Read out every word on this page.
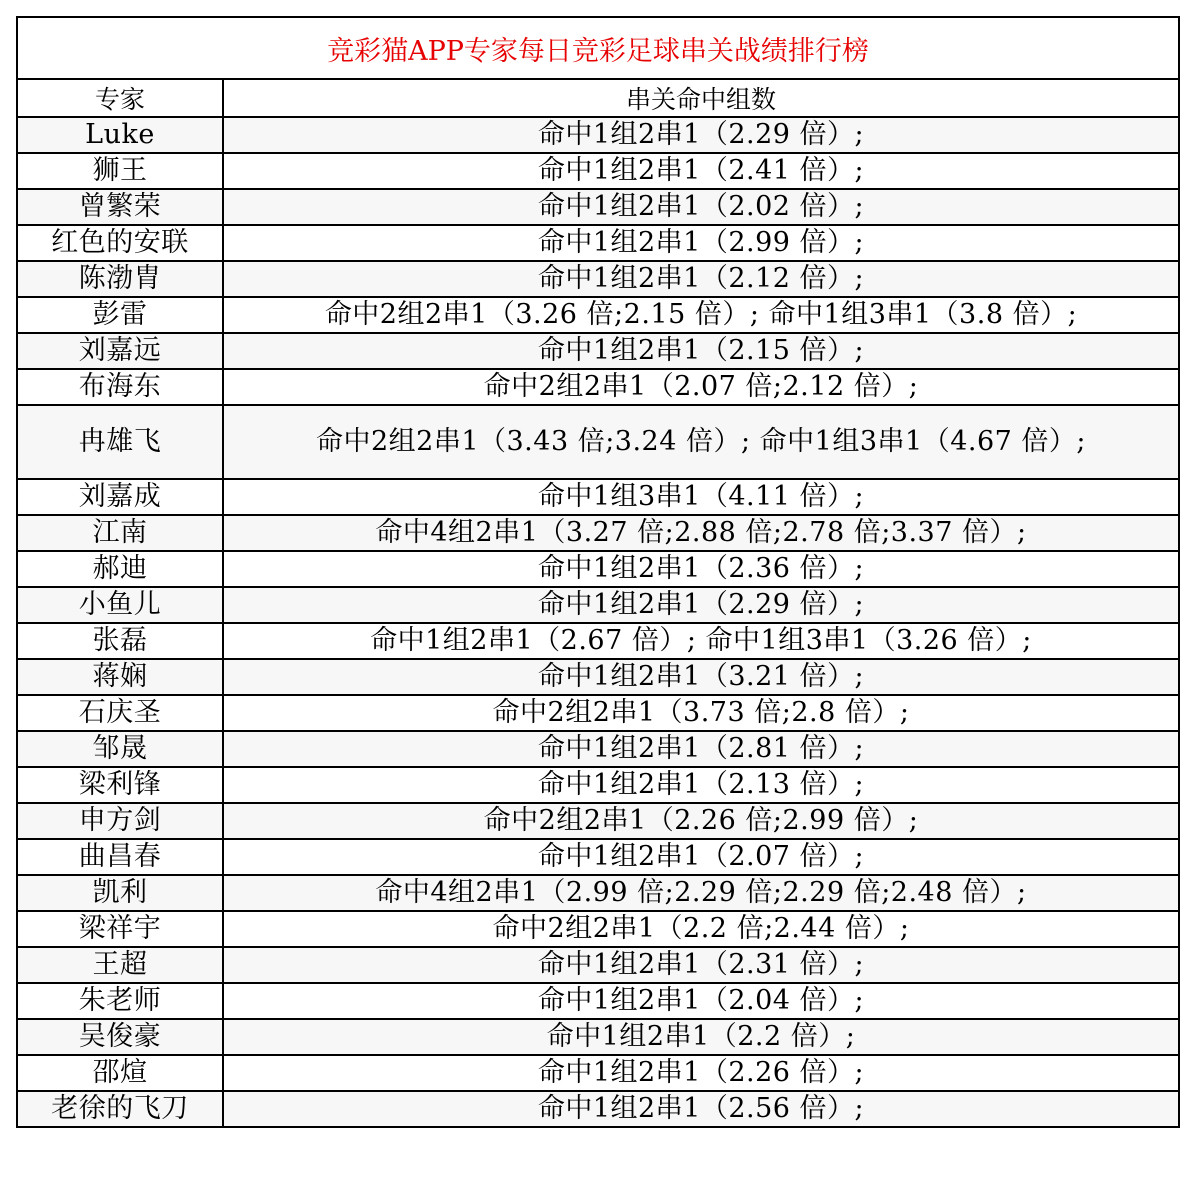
竞彩猫APP专家每日竞彩足球串关战绩排行榜	
专家	串关命中组数
Luke	命中1组2串1（2.29 倍）;
狮王	命中1组2串1（2.41 倍）;
曾繁荣	命中1组2串1（2.02 倍）;
红色的安联	命中1组2串1（2.99 倍）;
陈渤胄	命中1组2串1（2.12 倍）;
彭雷	命中2组2串1（3.26 倍;2.15 倍）; 命中1组3串1（3.8 倍）;
刘嘉远	命中1组2串1（2.15 倍）;
布海东	命中2组2串1（2.07 倍;2.12 倍）;
冉雄飞	命中2组2串1（3.43 倍;3.24 倍）; 命中1组3串1（4.67 倍）;
刘嘉成	命中1组3串1（4.11 倍）;
江南	命中4组2串1（3.27 倍;2.88 倍;2.78 倍;3.37 倍）;
郝迪	命中1组2串1（2.36 倍）;
小鱼儿	命中1组2串1（2.29 倍）;
张磊	命中1组2串1（2.67 倍）; 命中1组3串1（3.26 倍）;
蒋娴	命中1组2串1（3.21 倍）;
石庆圣	命中2组2串1（3.73 倍;2.8 倍）;
邹晟	命中1组2串1（2.81 倍）;
梁利锋	命中1组2串1（2.13 倍）;
申方剑	命中2组2串1（2.26 倍;2.99 倍）;
曲昌春	命中1组2串1（2.07 倍）;
凯利	命中4组2串1（2.99 倍;2.29 倍;2.29 倍;2.48 倍）;
梁祥宇	命中2组2串1（2.2 倍;2.44 倍）;
王超	命中1组2串1（2.31 倍）;
朱老师	命中1组2串1（2.04 倍）;
吴俊豪	命中1组2串1（2.2 倍）;
邵煊	命中1组2串1（2.26 倍）;
老徐的飞刀	命中1组2串1（2.56 倍）;
